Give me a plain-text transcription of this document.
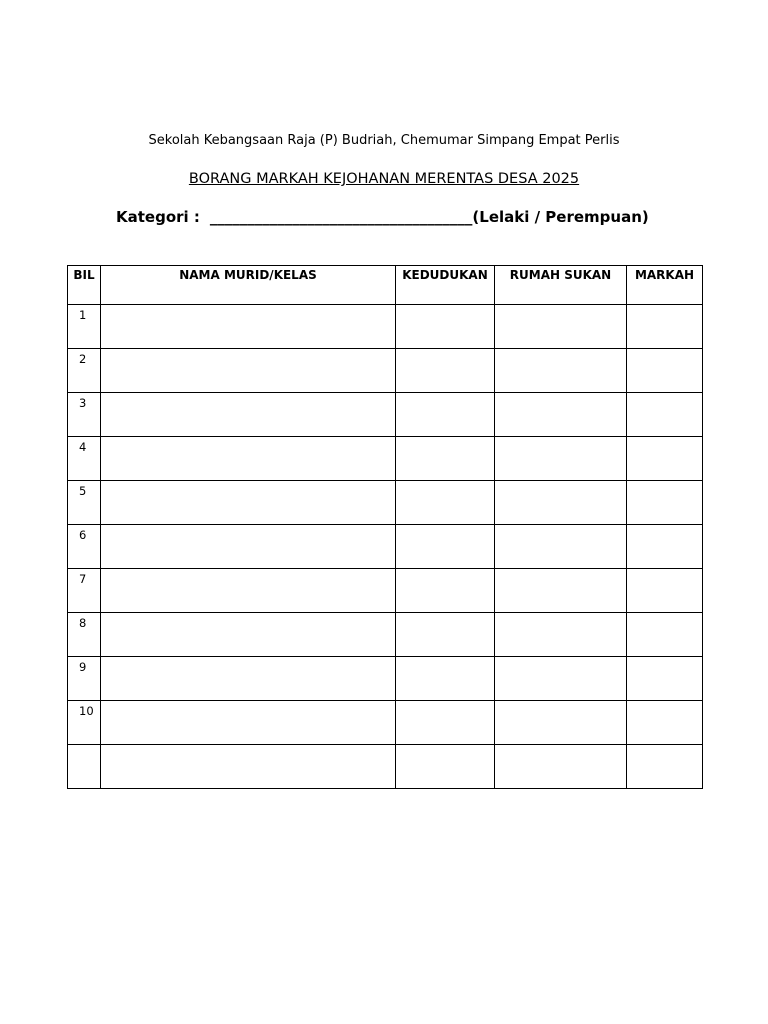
Sekolah Kebangsaan Raja (P) Budriah, Chemumar Simpang Empat Perlis
BORANG MARKAH KEJOHANAN MERENTAS DESA 2025
Kategori : ___________________________________(Lelaki / Perempuan)
BIL	NAMA MURID/KELAS	KEDUDUKAN	RUMAH SUKAN	MARKAH
1				
2				
3				
4				
5				
6				
7				
8				
9				
10				
